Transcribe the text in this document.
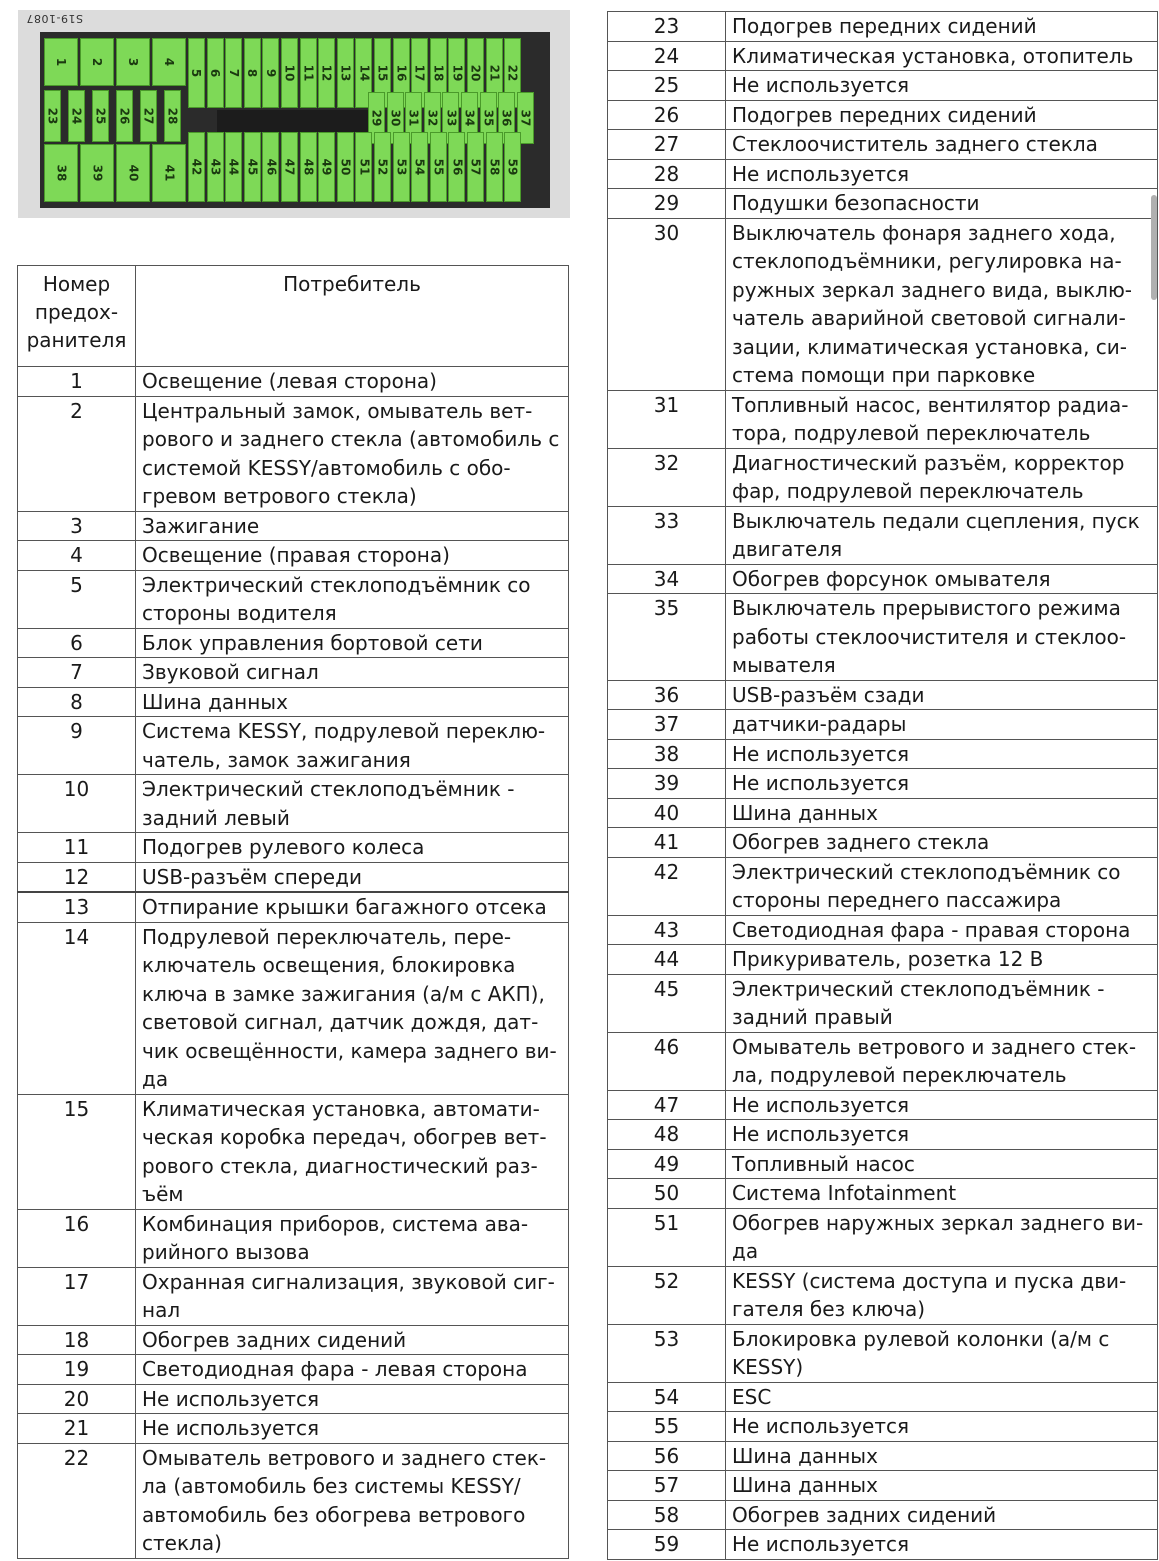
S19-1087
1 2 3 4
5 6 7 8 9 10 11 12 13 14 15 16 17 18 19 20 21 22
23 24 25 26 27 28	29 30 31 32 33 34 35 36 37
38 39 40 41 42 43 44 45 46 47 48 49 50 51 52 53 54 55 56 57 58 59
Номер
предох-
ранителя	Потребитель
1	Освещение (левая сторона)
2	Центральный замок, омыватель вет-рового и заднего стекла (автомобиль с системой KESSY/автомобиль с обо-гревом ветрового стекла)
3	Зажигание
4	Освещение (правая сторона)
5	Электрический стеклоподъёмник со стороны водителя
6	Блок управления бортовой сети
7	Звуковой сигнал
8	Шина данных
9	Система KESSY, подрулевой переклю-чатель, замок зажигания
10	Электрический стеклоподъёмник - задний левый
11	Подогрев рулевого колеса
12	USB-разъём спереди
13	Отпирание крышки багажного отсека
14	Подрулевой переключатель, пере-ключатель освещения, блокировка ключа в замке зажигания (а/м с АКП), световой сигнал, датчик дождя, дат-чик освещённости, камера заднего ви-да
15	Климатическая установка, автомати-ческая коробка передач, обогрев вет-рового стекла, диагностический раз-ъём
16	Комбинация приборов, система ава-рийного вызова
17	Охранная сигнализация, звуковой сиг-нал
18	Обогрев задних сидений
19	Светодиодная фара - левая сторона
20	Не используется
21	Не используется
22	Омыватель ветрового и заднего стек-ла (автомобиль без системы KESSY/ автомобиль без обогрева ветрового стекла)
23	Подогрев передних сидений
24	Климатическая установка, отопитель
25	Не используется
26	Подогрев передних сидений
27	Стеклоочиститель заднего стекла
28	Не используется
29	Подушки безопасности
30	Выключатель фонаря заднего хода, стеклоподъёмники, регулировка на-ружных зеркал заднего вида, выклю-чатель аварийной световой сигнали-зации, климатическая установка, си-стема помощи при парковке
31	Топливный насос, вентилятор радиа-тора, подрулевой переключатель
32	Диагностический разъём, корректор фар, подрулевой переключатель
33	Выключатель педали сцепления, пуск двигателя
34	Обогрев форсунок омывателя
35	Выключатель прерывистого режима работы стеклоочистителя и стеклоо-мывателя
36	USB-разъём сзади
37	датчики-радары
38	Не используется
39	Не используется
40	Шина данных
41	Обогрев заднего стекла
42	Электрический стеклоподъёмник со стороны переднего пассажира
43	Светодиодная фара - правая сторона
44	Прикуриватель, розетка 12 В
45	Электрический стеклоподъёмник - задний правый
46	Омыватель ветрового и заднего стек-ла, подрулевой переключатель
47	Не используется
48	Не используется
49	Топливный насос
50	Система Infotainment
51	Обогрев наружных зеркал заднего ви-да
52	KESSY (система доступа и пуска дви-гателя без ключа)
53	Блокировка рулевой колонки (а/м с KESSY)
54	ESC
55	Не используется
56	Шина данных
57	Шина данных
58	Обогрев задних сидений
59	Не используется
